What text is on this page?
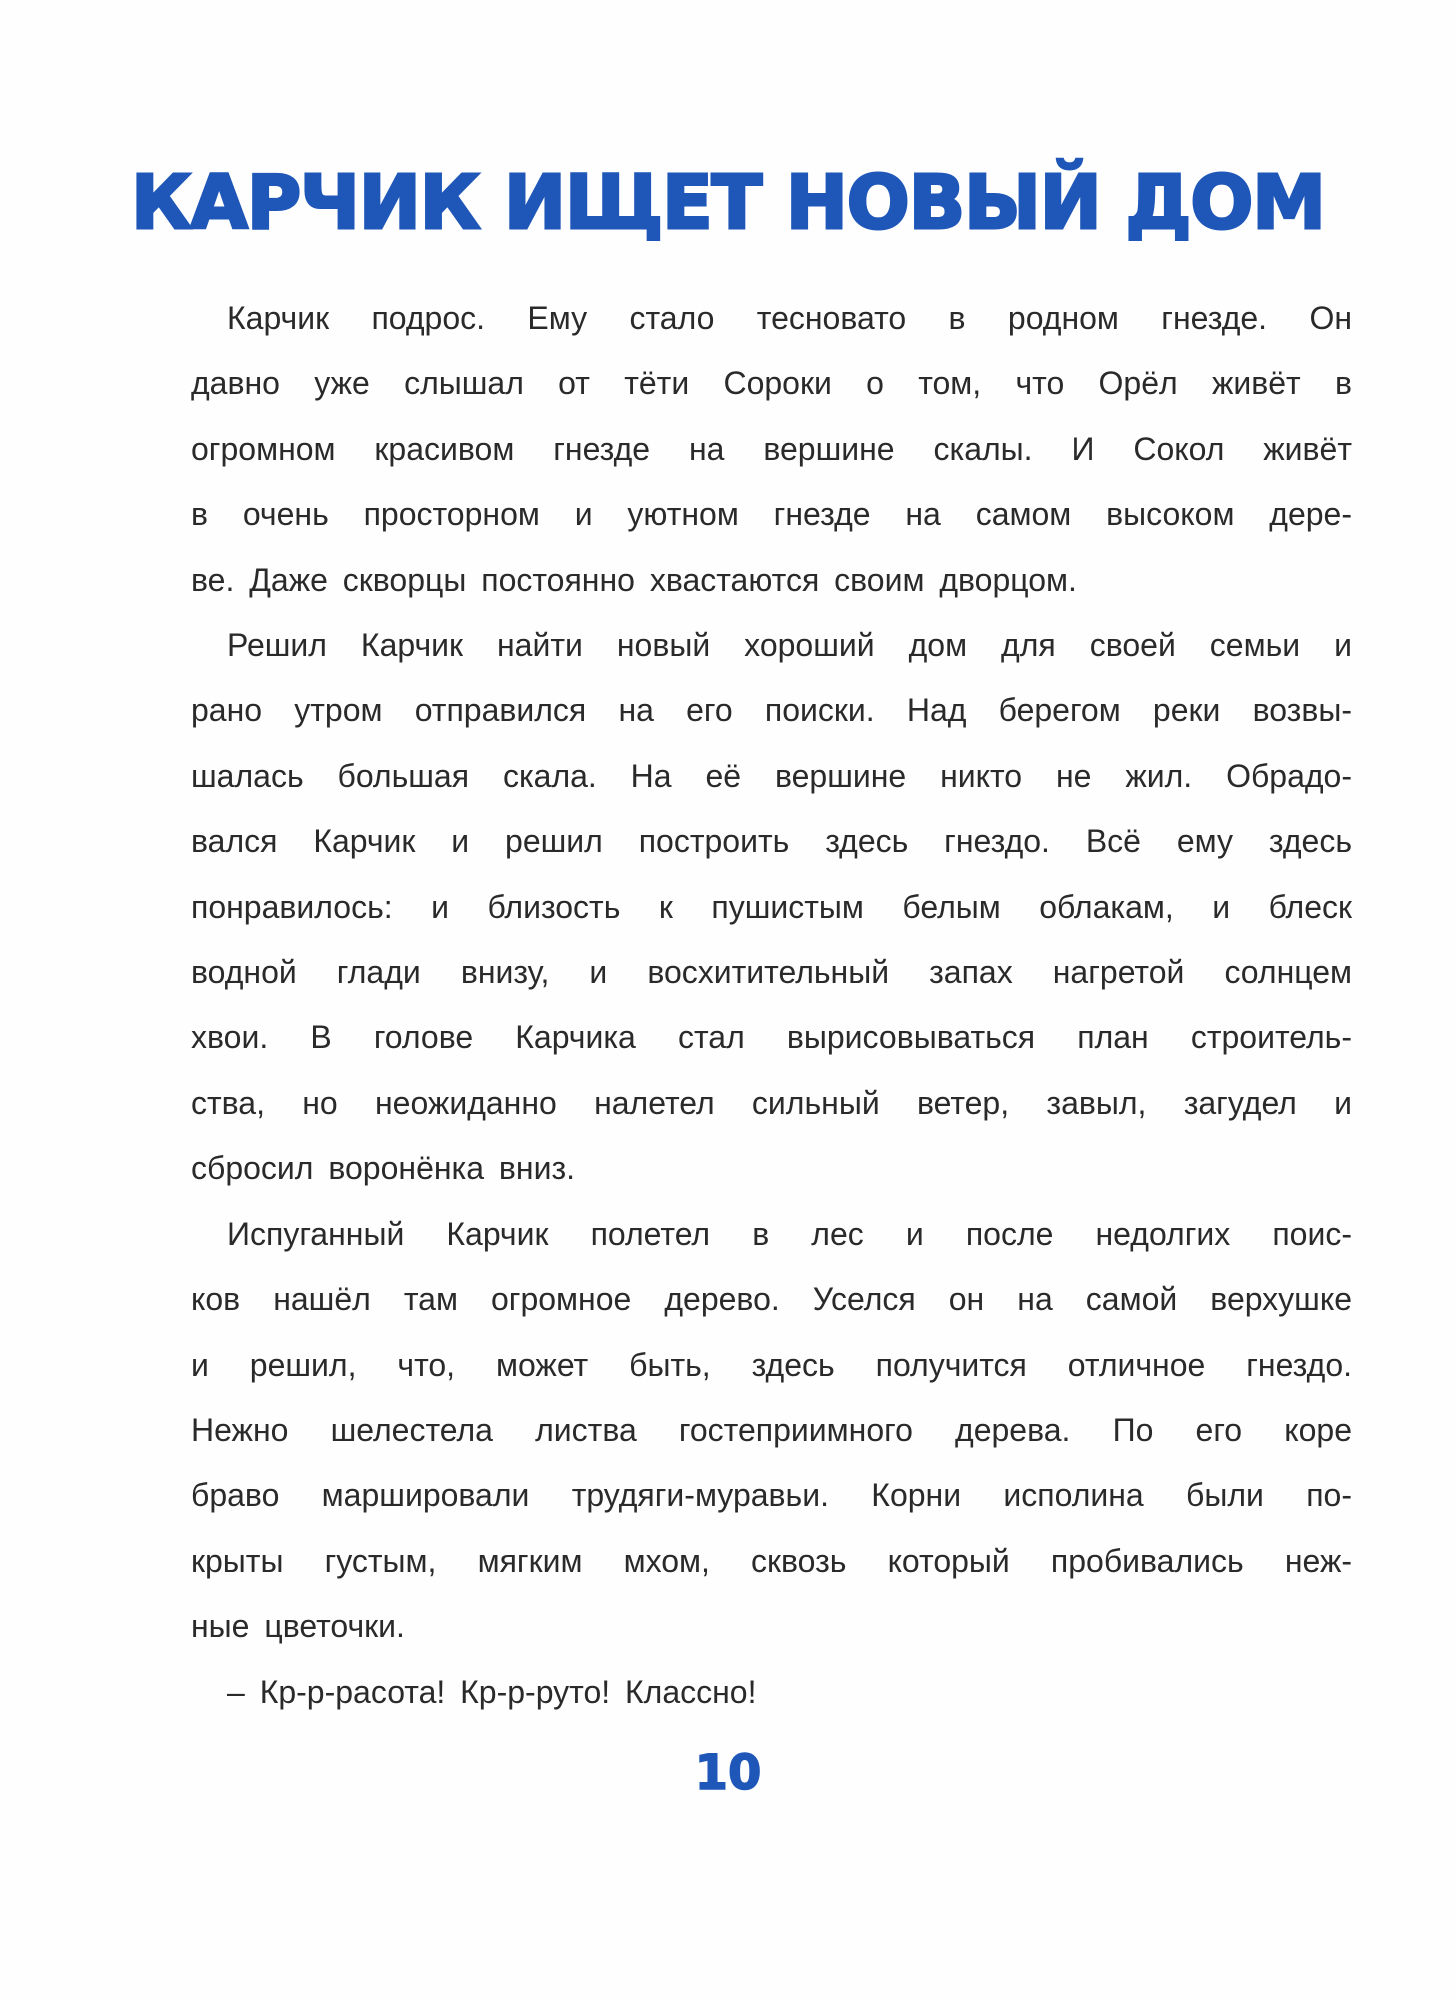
КАРЧИК ИЩЕТ НОВЫЙ ДОМ
Карчик подрос. Ему стало тесновато в родном гнезде. Он
давно уже слышал от тёти Сороки о том, что Орёл живёт в
огромном красивом гнезде на вершине скалы. И Сокол живёт
в очень просторном и уютном гнезде на самом высоком дере-
ве. Даже скворцы постоянно хвастаются своим дворцом.
Решил Карчик найти новый хороший дом для своей семьи и
рано утром отправился на его поиски. Над берегом реки возвы-
шалась большая скала. На её вершине никто не жил. Обрадо-
вался Карчик и решил построить здесь гнездо. Всё ему здесь
понравилось: и близость к пушистым белым облакам, и блеск
водной глади внизу, и восхитительный запах нагретой солнцем
хвои. В голове Карчика стал вырисовываться план строитель-
ства, но неожиданно налетел сильный ветер, завыл, загудел и
сбросил воронёнка вниз.
Испуганный Карчик полетел в лес и после недолгих поис-
ков нашёл там огромное дерево. Уселся он на самой верхушке
и решил, что, может быть, здесь получится отличное гнездо.
Нежно шелестела листва гостеприимного дерева. По его коре
браво маршировали трудяги-муравьи. Корни исполина были по-
крыты густым, мягким мхом, сквозь который пробивались неж-
ные цветочки.
– Кр-р-расота! Кр-р-руто! Классно!
10
